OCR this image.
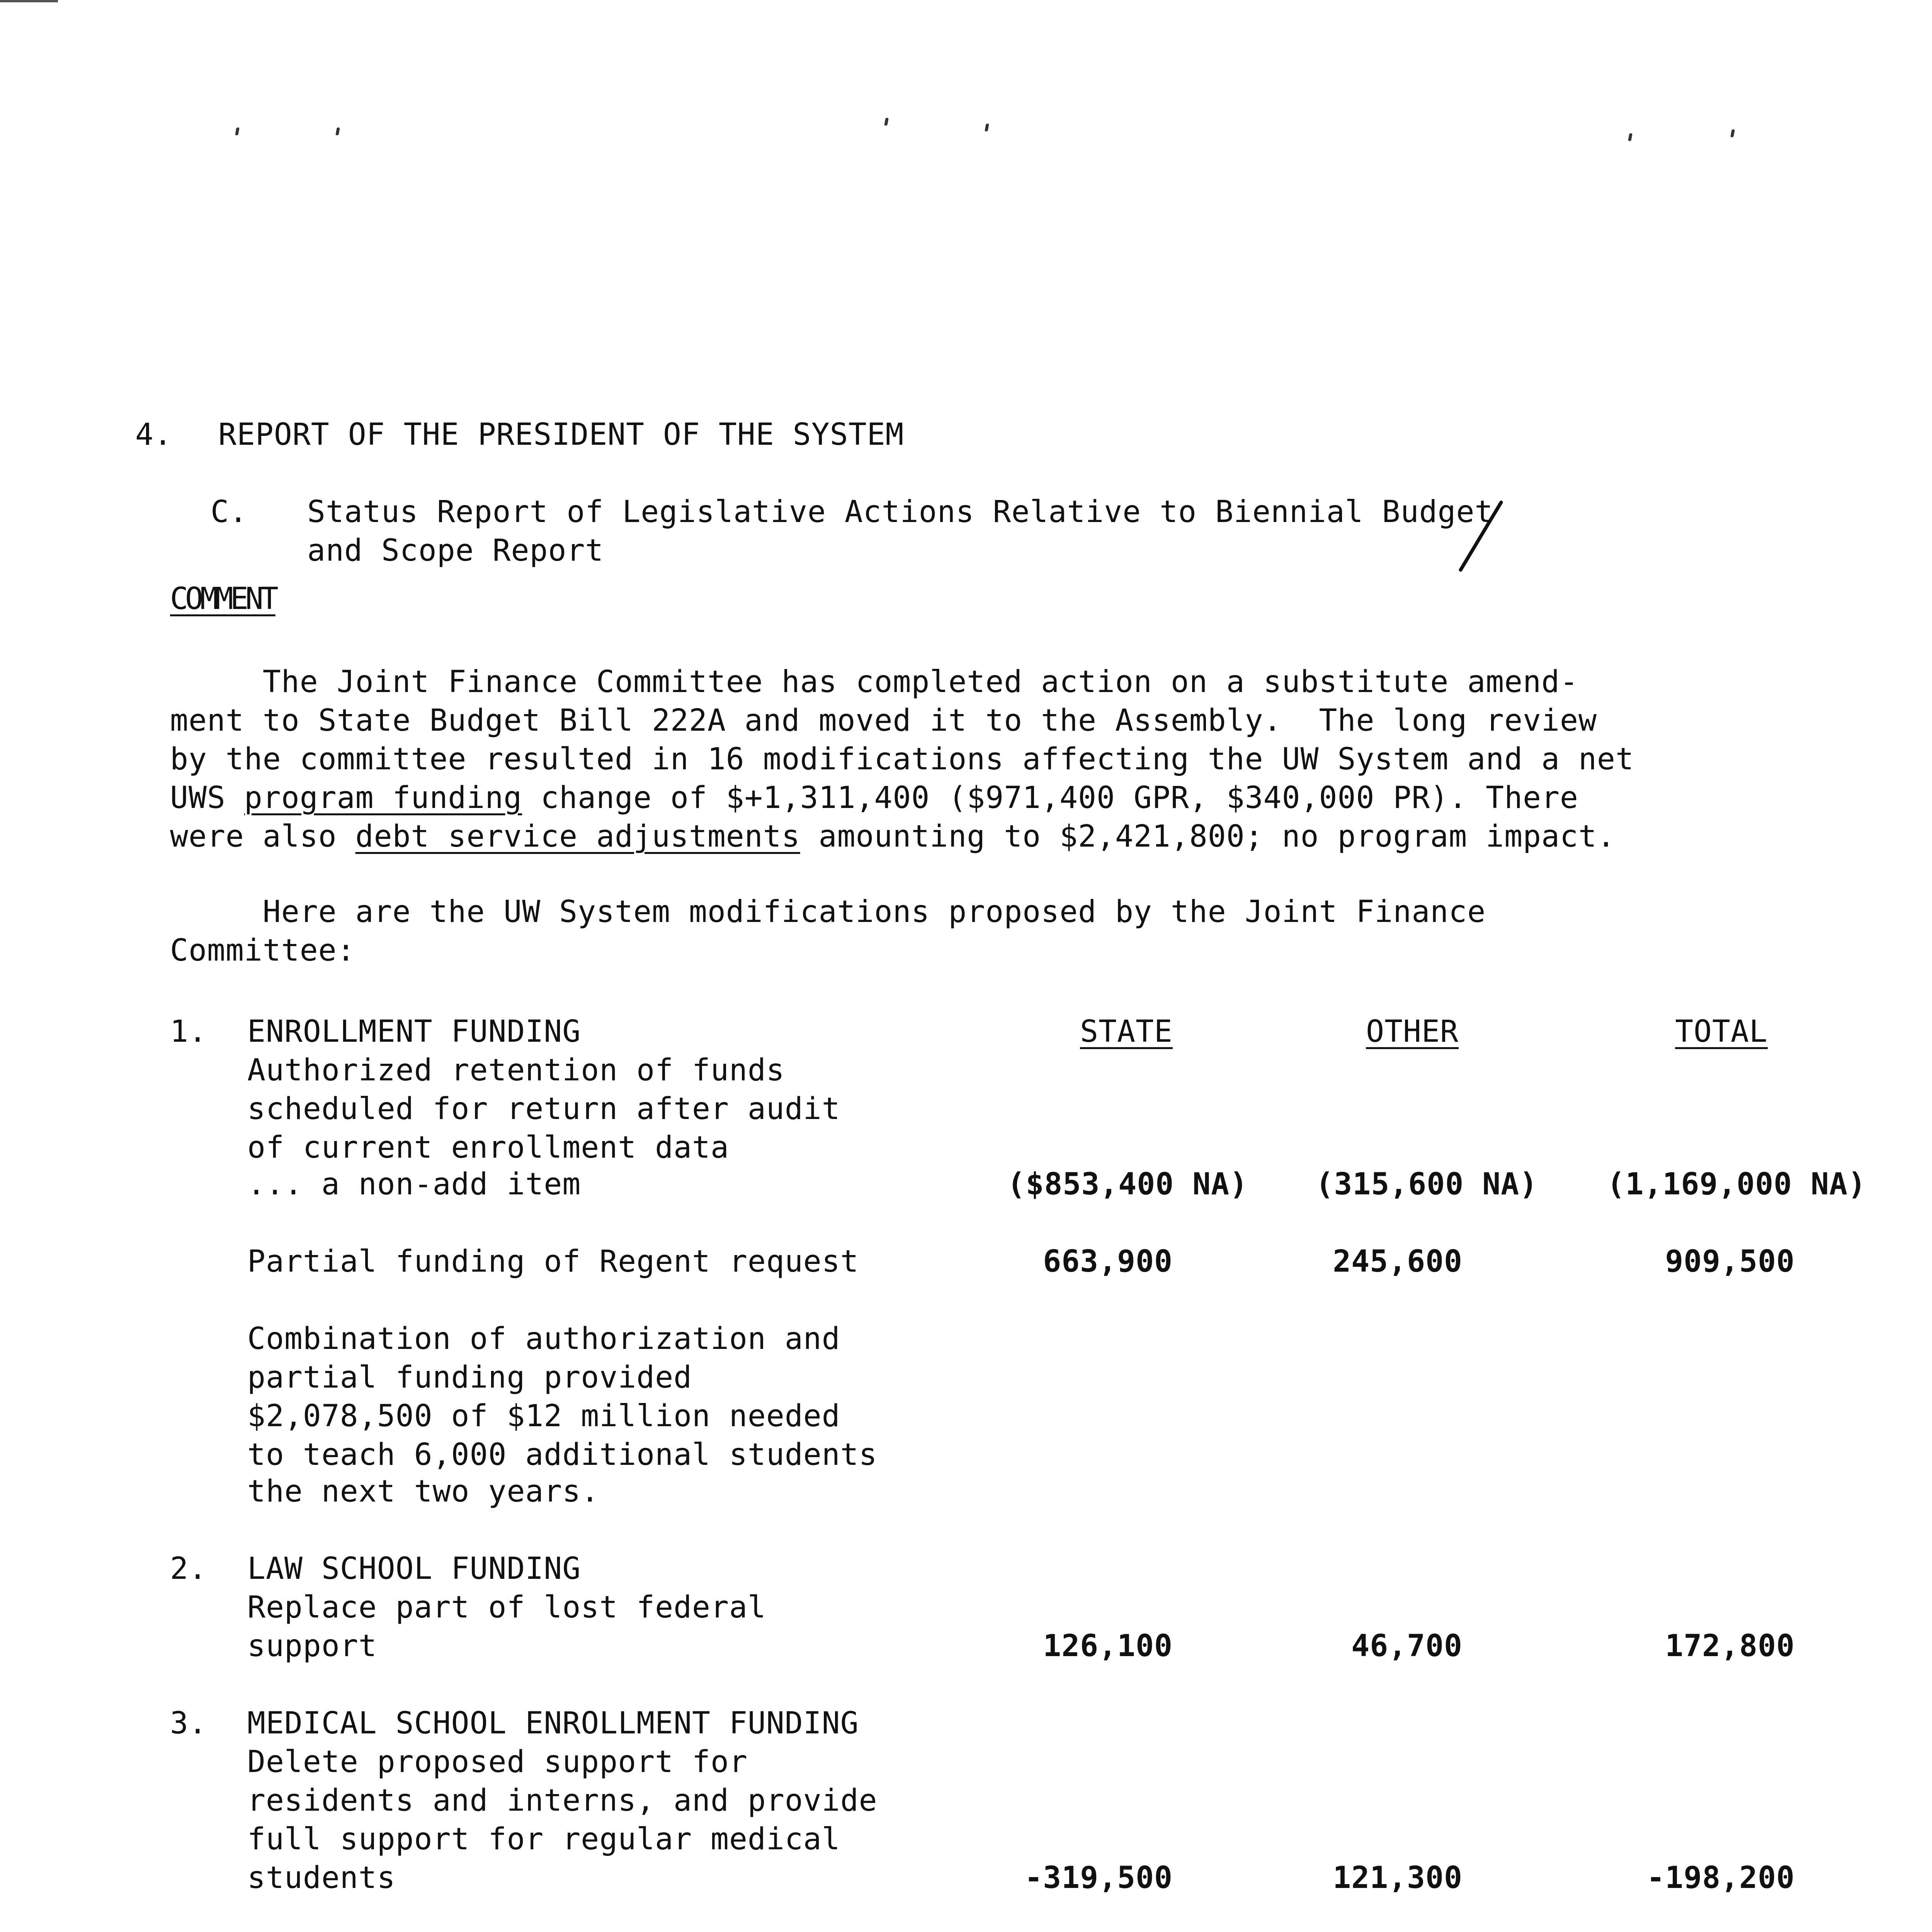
4. REPORT OF THE PRESIDENT OF THE SYSTEM
C. Status Report of Legislative Actions Relative to Biennial Budget
and Scope Report
COMMENT
The Joint Finance Committee has completed action on a substitute amend-
ment to State Budget Bill 222A and moved it to the Assembly.  The long review
by the committee resulted in 16 modifications affecting the UW System and a net
UWS program funding change of $+1,311,400 ($971,400 GPR, $340,000 PR). There
were also debt service adjustments amounting to $2,421,800; no program impact.
Here are the UW System modifications proposed by the Joint Finance
Committee:
STATE	OTHER	TOTAL
1. ENROLLMENT FUNDING
Authorized retention of funds
scheduled for return after audit
of current enrollment data
... a non-add item	($853,400 NA)	(315,600 NA)	(1,169,000 NA)
Partial funding of Regent request	663,900	245,600	909,500
Combination of authorization and
partial funding provided
$2,078,500 of $12 million needed
to teach 6,000 additional students
the next two years.
2. LAW SCHOOL FUNDING
Replace part of lost federal
support	126,100	46,700	172,800
3. MEDICAL SCHOOL ENROLLMENT FUNDING
Delete proposed support for
residents and interns, and provide
full support for regular medical
students	-319,500	121,300	-198,200
